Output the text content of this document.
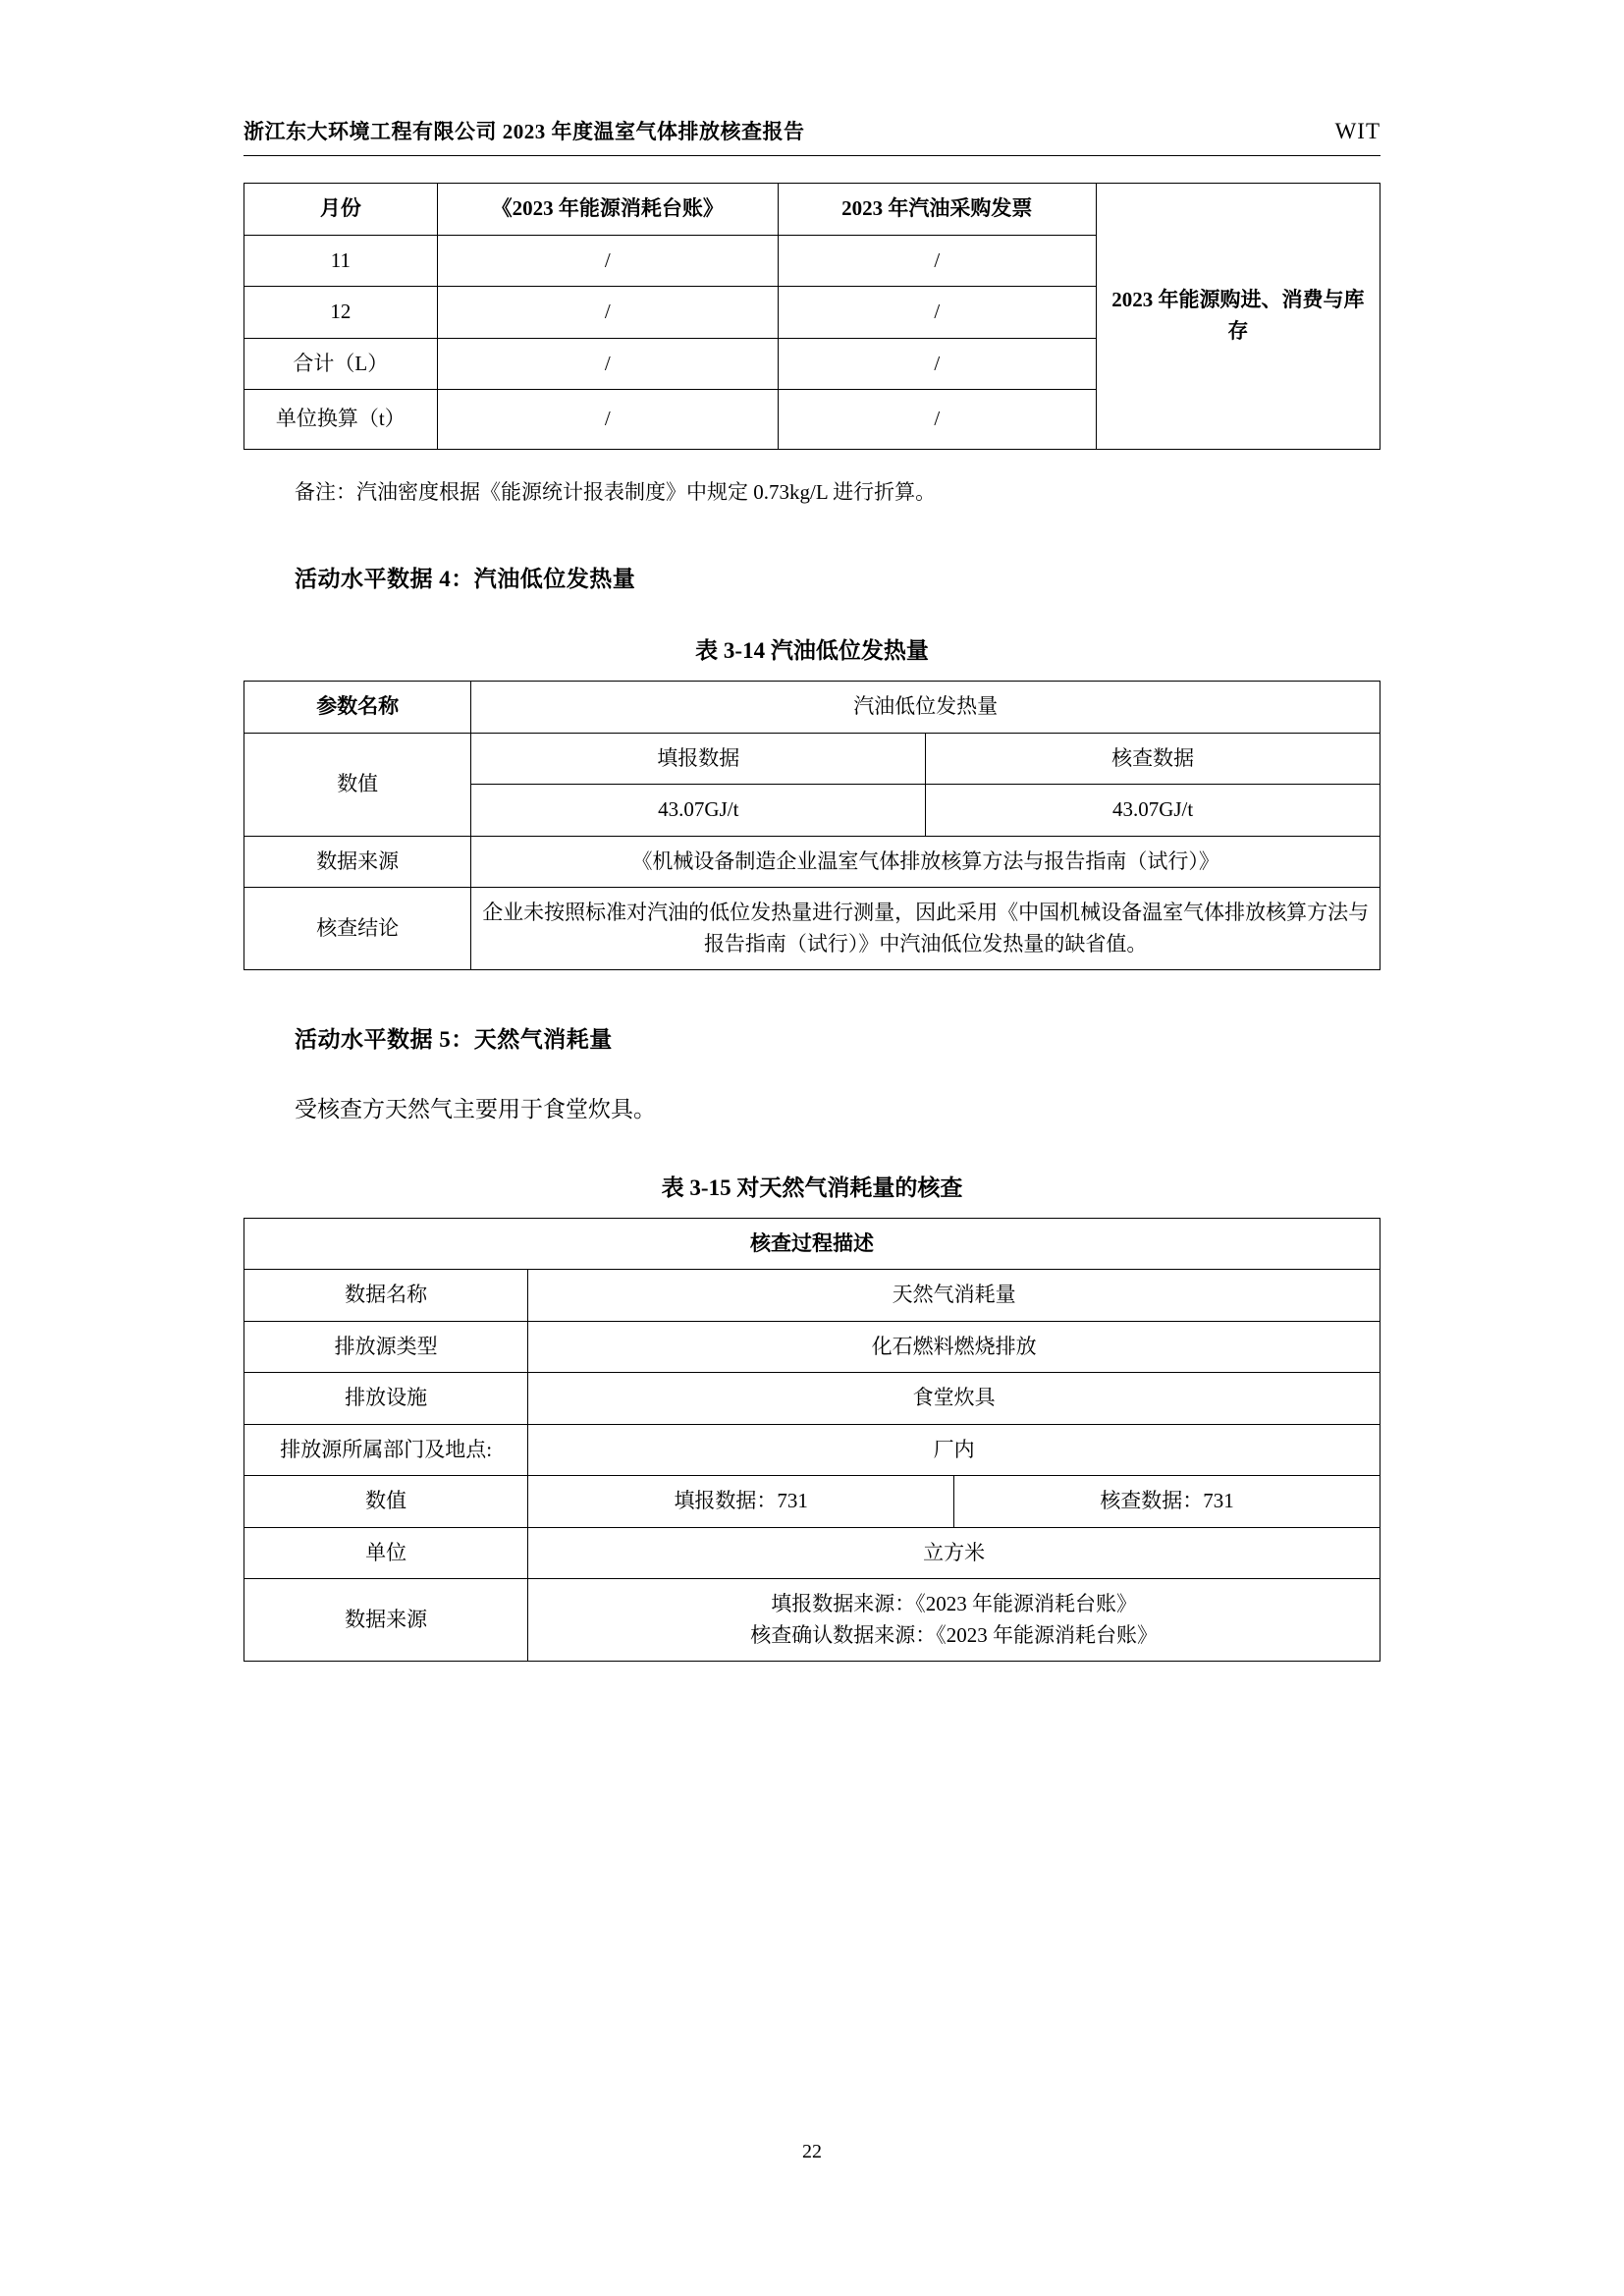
浙江东大环境工程有限公司 2023 年度温室气体排放核查报告	WIT
月份	《2023 年能源消耗台账》	2023 年汽油采购发票	2023 年能源购进、消费与库存
11	/	/	
12	/	/	
合计（L）	/	/	
单位换算（t）	/	/	
备注：汽油密度根据《能源统计报表制度》中规定 0.73kg/L 进行折算。
活动水平数据 4：汽油低位发热量
表 3-14 汽油低位发热量
参数名称	汽油低位发热量	
数值	填报数据	核查数据
	43.07GJ/t	43.07GJ/t
数据来源	《机械设备制造企业温室气体排放核算方法与报告指南（试行）》	
核查结论	企业未按照标准对汽油的低位发热量进行测量，因此采用《中国机械设备温室气体排放核算方法与报告指南（试行）》中汽油低位发热量的缺省值。	
活动水平数据 5：天然气消耗量

受核查方天然气主要用于食堂炊具。

表 3-15 对天然气消耗量的核查
核查过程描述		
数据名称	天然气消耗量	
排放源类型	化石燃料燃烧排放	
排放设施	食堂炊具	
排放源所属部门及地点:	厂内	
数值	填报数据：731	核查数据：731
单位	立方米	
数据来源	填报数据来源：《2023 年能源消耗台账》
核查确认数据来源：《2023 年能源消耗台账》	
22
